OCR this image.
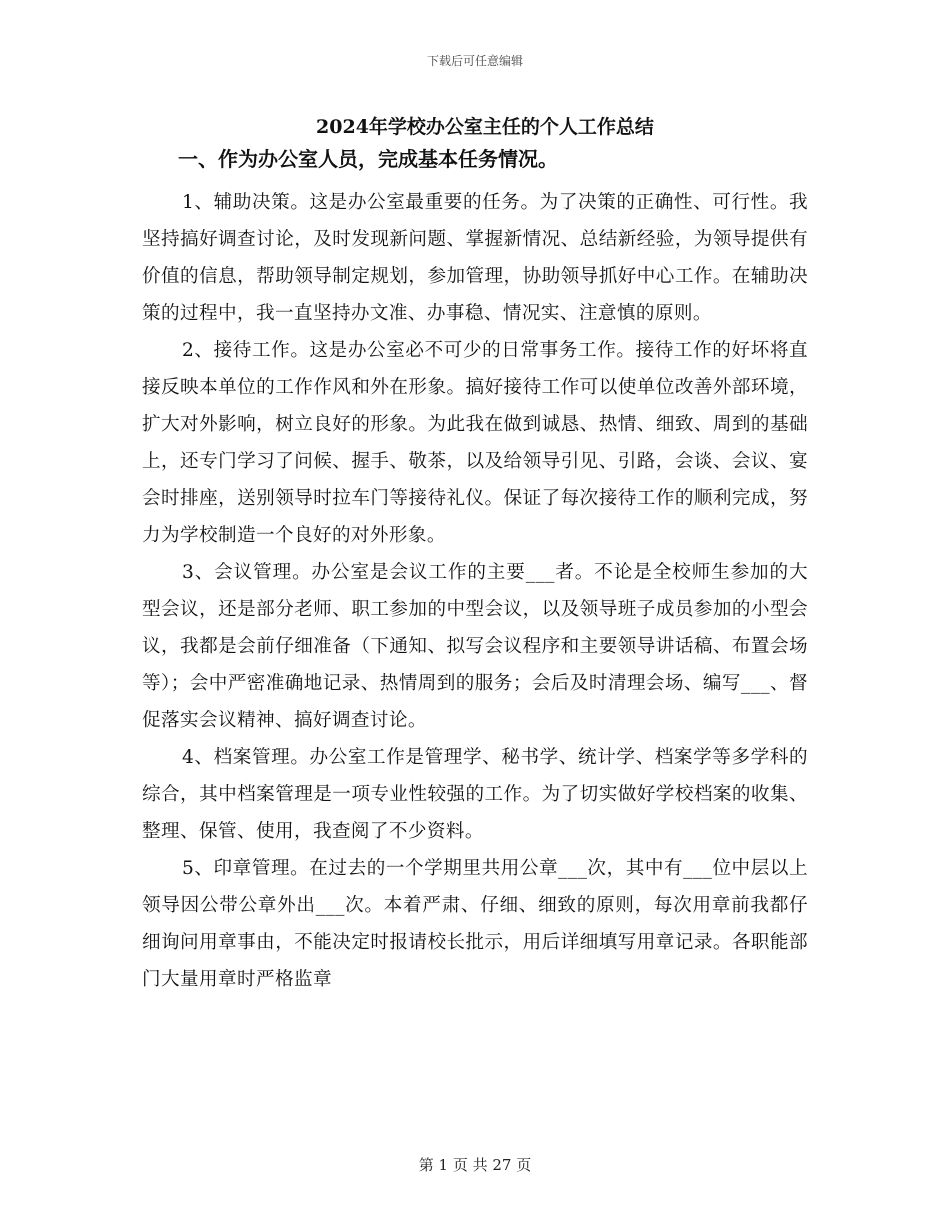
下载后可任意编辑
2024年学校办公室主任的个人工作总结
一、作为办公室人员，完成基本任务情况。

1、辅助决策。这是办公室最重要的任务。为了决策的正确性、可行性。我坚持搞好调查讨论，及时发现新问题、掌握新情况、总结新经验，为领导提供有价值的信息，帮助领导制定规划，参加管理，协助领导抓好中心工作。在辅助决策的过程中，我一直坚持办文准、办事稳、情况实、注意慎的原则。

2、接待工作。这是办公室必不可少的日常事务工作。接待工作的好坏将直接反映本单位的工作作风和外在形象。搞好接待工作可以使单位改善外部环境，扩大对外影响，树立良好的形象。为此我在做到诚恳、热情、细致、周到的基础上，还专门学习了问候、握手、敬茶，以及给领导引见、引路，会谈、会议、宴会时排座，送别领导时拉车门等接待礼仪。保证了每次接待工作的顺利完成，努力为学校制造一个良好的对外形象。

3、会议管理。办公室是会议工作的主要___者。不论是全校师生参加的大型会议，还是部分老师、职工参加的中型会议，以及领导班子成员参加的小型会议，我都是会前仔细准备（下通知、拟写会议程序和主要领导讲话稿、布置会场等）；会中严密准确地记录、热情周到的服务；会后及时清理会场、编写___、督促落实会议精神、搞好调查讨论。

4、档案管理。办公室工作是管理学、秘书学、统计学、档案学等多学科的综合，其中档案管理是一项专业性较强的工作。为了切实做好学校档案的收集、整理、保管、使用，我查阅了不少资料。

5、印章管理。在过去的一个学期里共用公章___次，其中有___位中层以上领导因公带公章外出___次。本着严肃、仔细、细致的原则，每次用章前我都仔细询问用章事由，不能决定时报请校长批示，用后详细填写用章记录。各职能部门大量用章时严格监章

第 1 页 共 27 页
